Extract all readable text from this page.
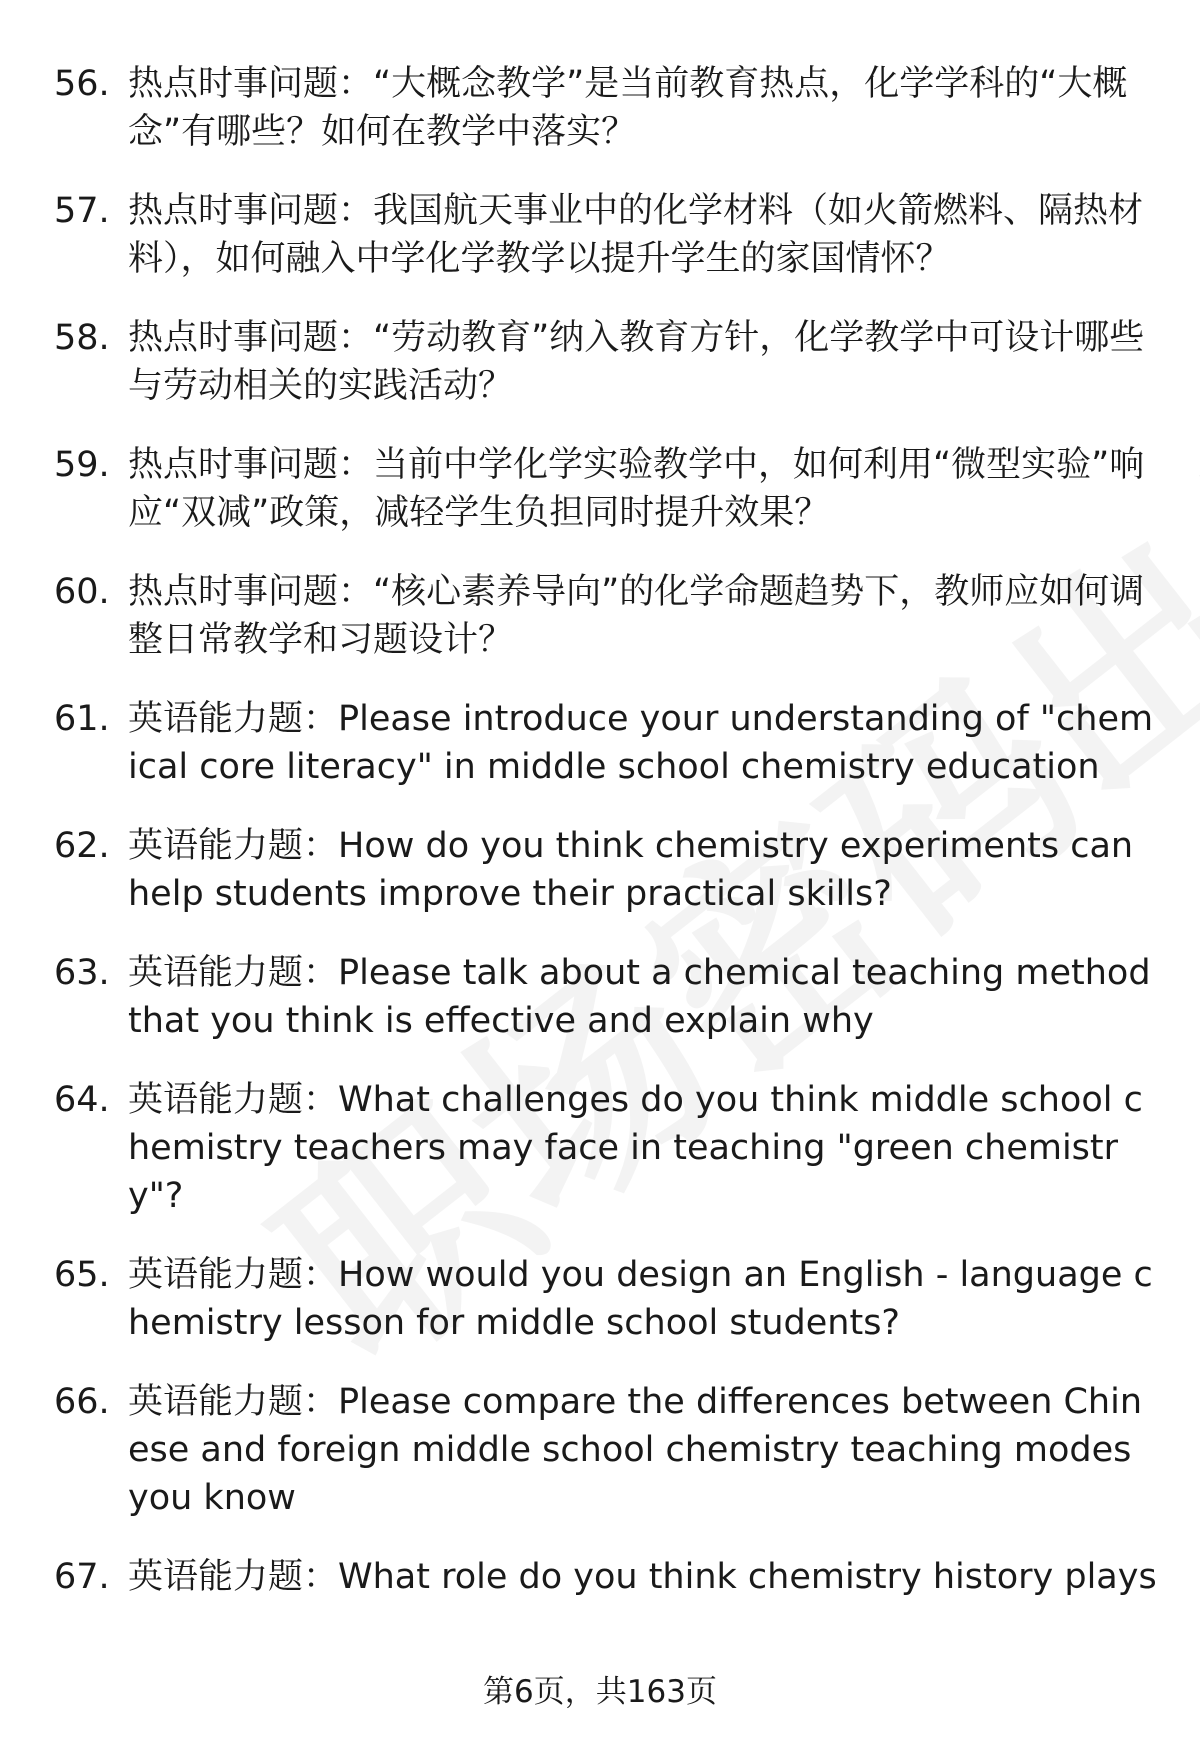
56. 热点时事问题：“大概念教学”是当前教育热点，化学学科的“大概念”有哪些？如何在教学中落实？
57. 热点时事问题：我国航天事业中的化学材料（如火箭燃料、隔热材料），如何融入中学化学教学以提升学生的家国情怀？
58. 热点时事问题：“劳动教育”纳入教育方针，化学教学中可设计哪些与劳动相关的实践活动？
59. 热点时事问题：当前中学化学实验教学中，如何利用“微型实验”响应“双减”政策，减轻学生负担同时提升效果？
60. 热点时事问题：“核心素养导向”的化学命题趋势下，教师应如何调整日常教学和习题设计？
61. 英语能力题：Please introduce your understanding of "chemical core literacy" in middle school chemistry education
62. 英语能力题：How do you think chemistry experiments can help students improve their practical skills?
63. 英语能力题：Please talk about a chemical teaching method that you think is effective and explain why
64. 英语能力题：What challenges do you think middle school chemistry teachers may face in teaching "green chemistry"?
65. 英语能力题：How would you design an English - language chemistry lesson for middle school students?
66. 英语能力题：Please compare the differences between Chinese and foreign middle school chemistry teaching modes you know
67. 英语能力题：What role do you think chemistry history plays
第6页，共163页
